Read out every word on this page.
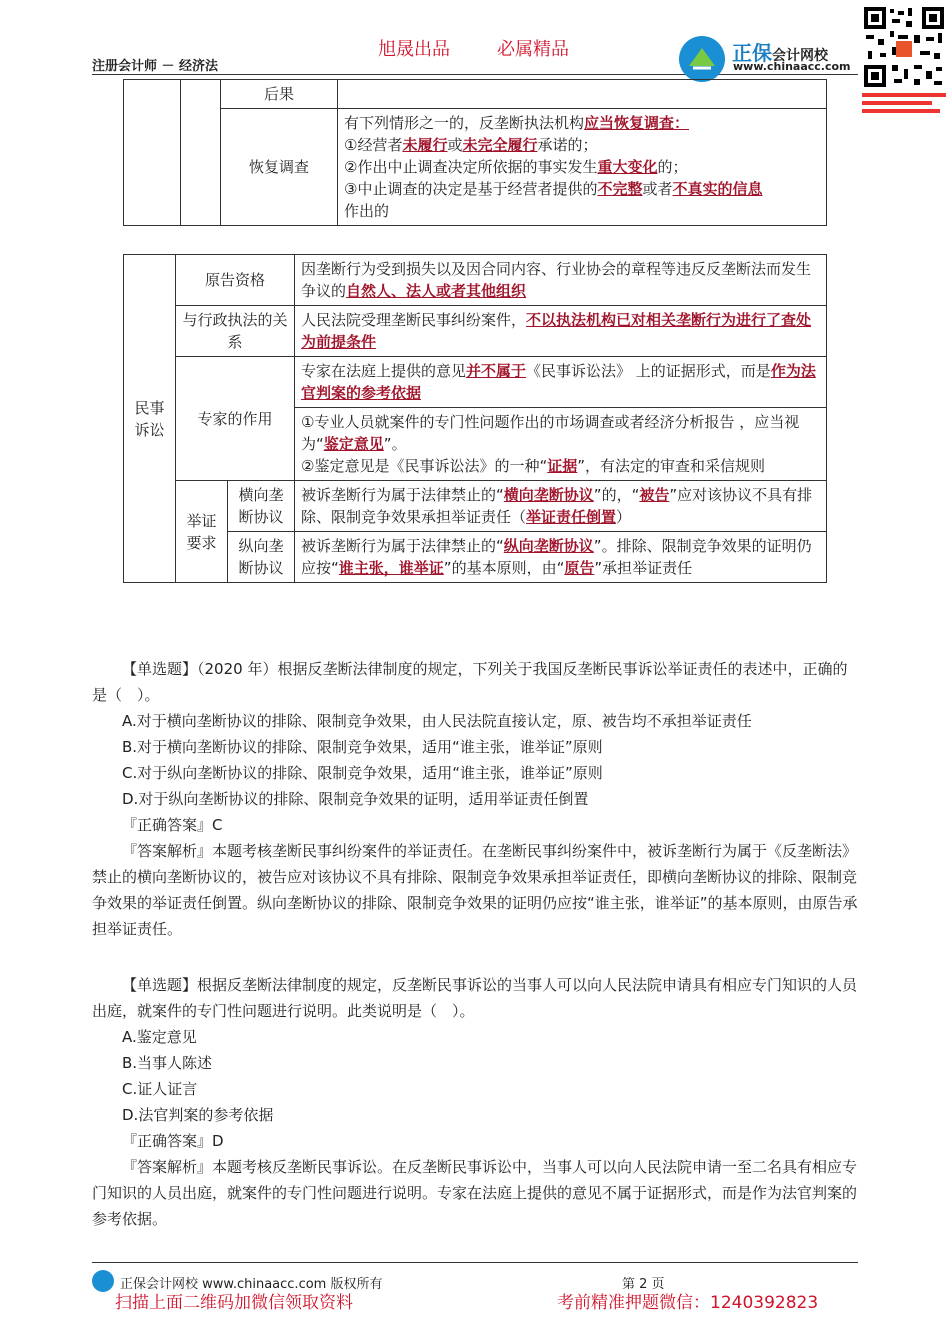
旭晟出品	必属精品
注册会计师 － 经济法
正保会计网校
www.chinaacc.com
		后果	
		恢复调查	有下列情形之一的，反垄断执法机构应当恢复调查：
①经营者未履行或未完全履行承诺的；
②作出中止调查决定所依据的事实发生重大变化的；
③中止调查的决定是基于经营者提供的不完整或者不真实的信息
作出的
民事诉讼	原告资格		因垄断行为受到损失以及因合同内容、行业协会的章程等违反反垄断法而发生争议的自然人、法人或者其他组织
	与行政执法的关系		人民法院受理垄断民事纠纷案件，不以执法机构已对相关垄断行为进行了查处为前提条件
	专家的作用		专家在法庭上提供的意见并不属于《民事诉讼法》 上的证据形式，而是作为法官判案的参考依据
			①专业人员就案件的专门性问题作出的市场调查或者经济分析报告 ，应当视为“鉴定意见”。
②鉴定意见是《民事诉讼法》的一种“证据”，有法定的审查和采信规则
	举证要求	横向垄断协议	被诉垄断行为属于法律禁止的“横向垄断协议”的，“被告”应对该协议不具有排除、限制竞争效果承担举证责任（举证责任倒置）
		纵向垄断协议	被诉垄断行为属于法律禁止的“纵向垄断协议”。排除、限制竞争效果的证明仍应按“谁主张，谁举证”的基本原则，由“原告”承担举证责任

【单选题】（2020 年）根据反垄断法律制度的规定，下列关于我国反垄断民事诉讼举证责任的表述中，正确的是（　）。

A.对于横向垄断协议的排除、限制竞争效果，由人民法院直接认定，原、被告均不承担举证责任

B.对于横向垄断协议的排除、限制竞争效果，适用“谁主张，谁举证”原则

C.对于纵向垄断协议的排除、限制竞争效果，适用“谁主张，谁举证”原则

D.对于纵向垄断协议的排除、限制竞争效果的证明，适用举证责任倒置

『正确答案』C

『答案解析』本题考核垄断民事纠纷案件的举证责任。在垄断民事纠纷案件中，被诉垄断行为属于《反垄断法》禁止的横向垄断协议的，被告应对该协议不具有排除、限制竞争效果承担举证责任，即横向垄断协议的排除、限制竞争效果的举证责任倒置。纵向垄断协议的排除、限制竞争效果的证明仍应按“谁主张，谁举证”的基本原则，由原告承担举证责任。

【单选题】根据反垄断法律制度的规定，反垄断民事诉讼的当事人可以向人民法院申请具有相应专门知识的人员出庭，就案件的专门性问题进行说明。此类说明是（　）。

A.鉴定意见

B.当事人陈述

C.证人证言

D.法官判案的参考依据

『正确答案』D

『答案解析』本题考核反垄断民事诉讼。在反垄断民事诉讼中，当事人可以向人民法院申请一至二名具有相应专门知识的人员出庭，就案件的专门性问题进行说明。专家在法庭上提供的意见不属于证据形式，而是作为法官判案的参考依据。

正保会计网校 www.chinaacc.com 版权所有	第 2 页
扫描上面二维码加微信领取资料	考前精准押题微信：1240392823
